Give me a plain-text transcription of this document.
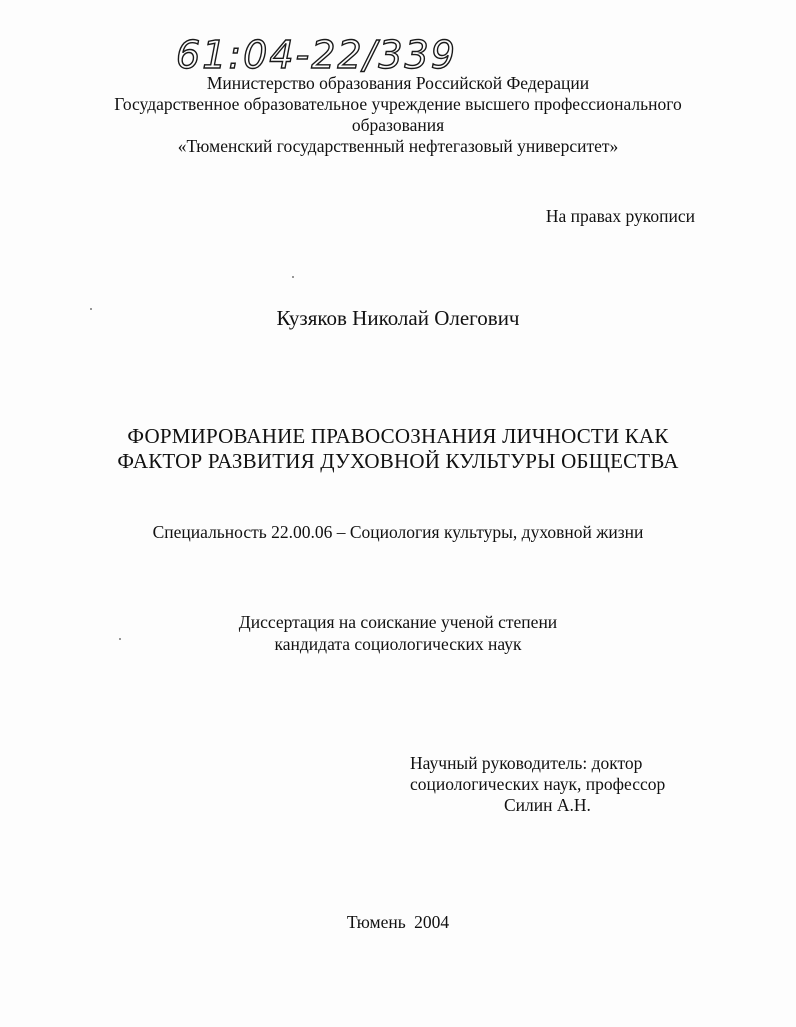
61:04-22/339
Министерство образования Российской Федерации
Государственное образовательное учреждение высшего профессионального
образования
«Тюменский государственный нефтегазовый университет»
На правах рукописи
Кузяков Николай Олегович
ФОРМИРОВАНИЕ ПРАВОСОЗНАНИЯ ЛИЧНОСТИ КАК
ФАКТОР РАЗВИТИЯ ДУХОВНОЙ КУЛЬТУРЫ ОБЩЕСТВА
Специальность 22.00.06 – Социология культуры, духовной жизни
Диссертация на соискание ученой степени
кандидата социологических наук
Научный руководитель: доктор
социологических наук, профессор
Силин А.Н.
Тюмень 2004
